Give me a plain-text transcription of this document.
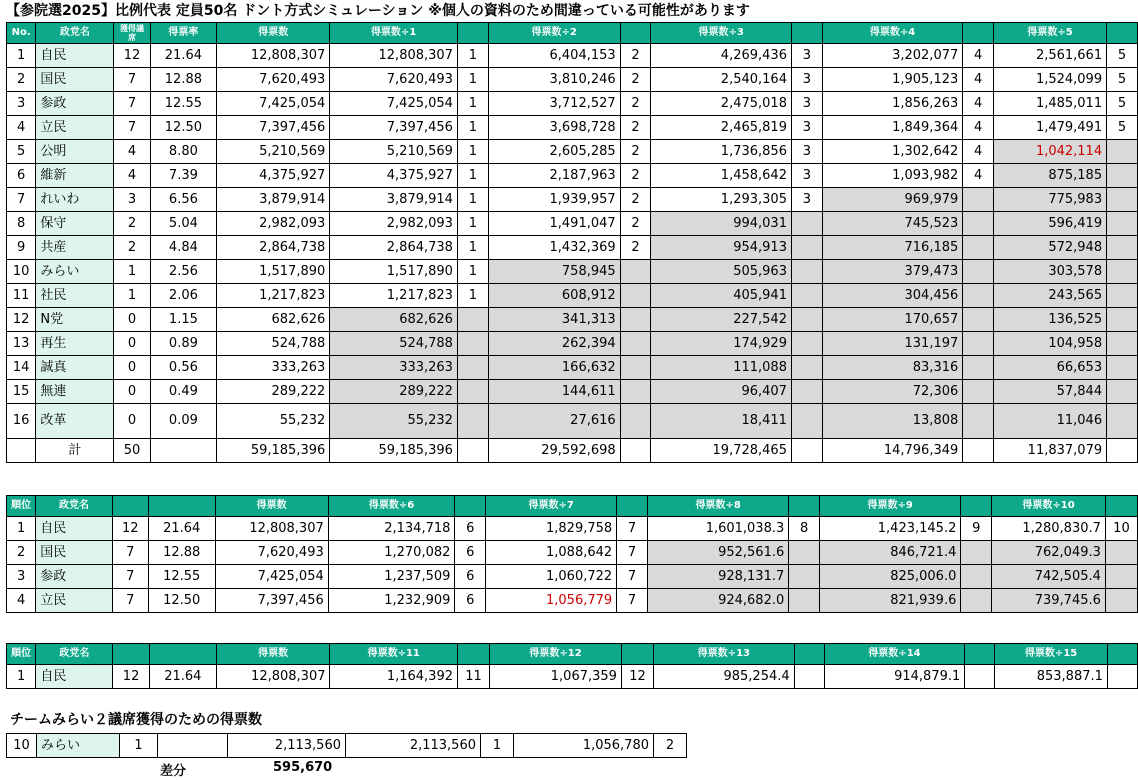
【参院選2025】比例代表 定員50名 ドント方式シミュレーション ※個人の資料のため間違っている可能性があります
No.	政党名	獲得議席	得票率	得票数	得票数÷1		得票数÷2		得票数÷3		得票数÷4		得票数÷5	
1	自民	12	21.64	12,808,307	12,808,307	1	6,404,153	2	4,269,436	3	3,202,077	4	2,561,661	5
2	国民	7	12.88	7,620,493	7,620,493	1	3,810,246	2	2,540,164	3	1,905,123	4	1,524,099	5
3	参政	7	12.55	7,425,054	7,425,054	1	3,712,527	2	2,475,018	3	1,856,263	4	1,485,011	5
4	立民	7	12.50	7,397,456	7,397,456	1	3,698,728	2	2,465,819	3	1,849,364	4	1,479,491	5
5	公明	4	8.80	5,210,569	5,210,569	1	2,605,285	2	1,736,856	3	1,302,642	4	1,042,114	
6	維新	4	7.39	4,375,927	4,375,927	1	2,187,963	2	1,458,642	3	1,093,982	4	875,185	
7	れいわ	3	6.56	3,879,914	3,879,914	1	1,939,957	2	1,293,305	3	969,979		775,983	
8	保守	2	5.04	2,982,093	2,982,093	1	1,491,047	2	994,031		745,523		596,419	
9	共産	2	4.84	2,864,738	2,864,738	1	1,432,369	2	954,913		716,185		572,948	
10	みらい	1	2.56	1,517,890	1,517,890	1	758,945		505,963		379,473		303,578	
11	社民	1	2.06	1,217,823	1,217,823	1	608,912		405,941		304,456		243,565	
12	N党	0	1.15	682,626	682,626		341,313		227,542		170,657		136,525	
13	再生	0	0.89	524,788	524,788		262,394		174,929		131,197		104,958	
14	誠真	0	0.56	333,263	333,263		166,632		111,088		83,316		66,653	
15	無連	0	0.49	289,222	289,222		144,611		96,407		72,306		57,844	
16	改革	0	0.09	55,232	55,232		27,616		18,411		13,808		11,046	
	計	50		59,185,396	59,185,396		29,592,698		19,728,465		14,796,349		11,837,079	
順位	政党名			得票数	得票数÷6		得票数÷7		得票数÷8		得票数÷9		得票数÷10	
1	自民	12	21.64	12,808,307	2,134,718	6	1,829,758	7	1,601,038.3	8	1,423,145.2	9	1,280,830.7	10
2	国民	7	12.88	7,620,493	1,270,082	6	1,088,642	7	952,561.6		846,721.4		762,049.3	
3	参政	7	12.55	7,425,054	1,237,509	6	1,060,722	7	928,131.7		825,006.0		742,505.4	
4	立民	7	12.50	7,397,456	1,232,909	6	1,056,779	7	924,682.0		821,939.6		739,745.6	
順位	政党名			得票数	得票数÷11		得票数÷12		得票数÷13		得票数÷14		得票数÷15	
1	自民	12	21.64	12,808,307	1,164,392	11	1,067,359	12	985,254.4		914,879.1		853,887.1	
チームみらい２議席獲得のための得票数
10	みらい	1		2,113,560	2,113,560	1	1,056,780	2
差分	595,670
